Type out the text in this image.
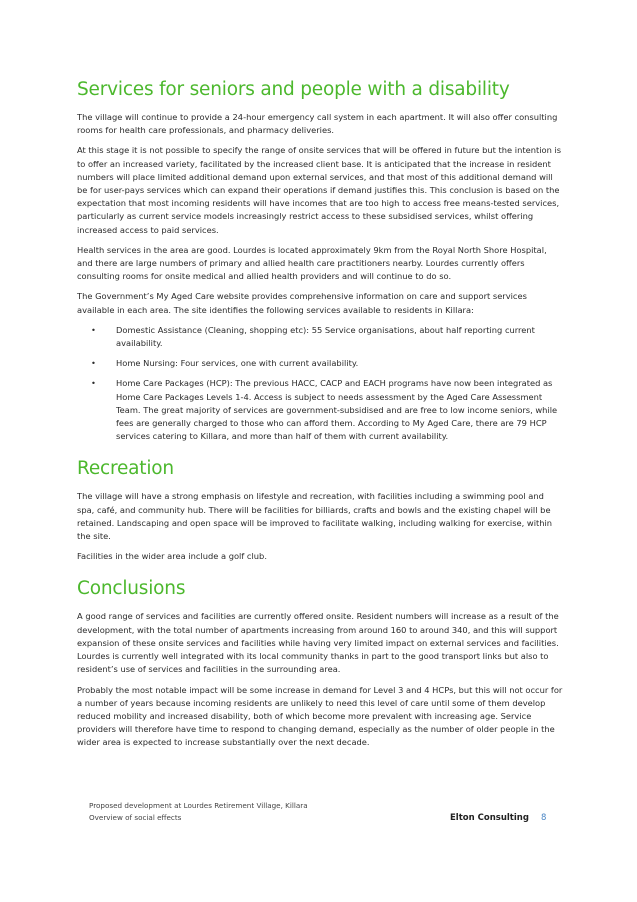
Services for seniors and people with a disability

The village will continue to provide a 24-hour emergency call system in each apartment. It will also offer consulting rooms for health care professionals, and pharmacy deliveries.

At this stage it is not possible to specify the range of onsite services that will be offered in future but the intention is to offer an increased variety, facilitated by the increased client base. It is anticipated that the increase in resident numbers will place limited additional demand upon external services, and that most of this additional demand will be for user-pays services which can expand their operations if demand justifies this. This conclusion is based on the expectation that most incoming residents will have incomes that are too high to access free means-tested services, particularly as current service models increasingly restrict access to these subsidised services, whilst offering increased access to paid services.

Health services in the area are good. Lourdes is located approximately 9km from the Royal North Shore Hospital, and there are large numbers of primary and allied health care practitioners nearby. Lourdes currently offers consulting rooms for onsite medical and allied health providers and will continue to do so.

The Government’s My Aged Care website provides comprehensive information on care and support services available in each area. The site identifies the following services available to residents in Killara:

• Domestic Assistance (Cleaning, shopping etc): 55 Service organisations, about half reporting current availability.
• Home Nursing: Four services, one with current availability.
• Home Care Packages (HCP): The previous HACC, CACP and EACH programs have now been integrated as Home Care Packages Levels 1-4. Access is subject to needs assessment by the Aged Care Assessment Team. The great majority of services are government-subsidised and are free to low income seniors, while fees are generally charged to those who can afford them. According to My Aged Care, there are 79 HCP services catering to Killara, and more than half of them with current availability.
Recreation

The village will have a strong emphasis on lifestyle and recreation, with facilities including a swimming pool and spa, café, and community hub. There will be facilities for billiards, crafts and bowls and the existing chapel will be retained. Landscaping and open space will be improved to facilitate walking, including walking for exercise, within the site.

Facilities in the wider area include a golf club.

Conclusions

A good range of services and facilities are currently offered onsite. Resident numbers will increase as a result of the development, with the total number of apartments increasing from around 160 to around 340, and this will support expansion of these onsite services and facilities while having very limited impact on external services and facilities. Lourdes is currently well integrated with its local community thanks in part to the good transport links but also to resident’s use of services and facilities in the surrounding area.

Probably the most notable impact will be some increase in demand for Level 3 and 4 HCPs, but this will not occur for a number of years because incoming residents are unlikely to need this level of care until some of them develop reduced mobility and increased disability, both of which become more prevalent with increasing age. Service providers will therefore have time to respond to changing demand, especially as the number of older people in the wider area is expected to increase substantially over the next decade.

Proposed development at Lourdes Retirement Village, Killara
Overview of social effects	Elton Consulting 8
